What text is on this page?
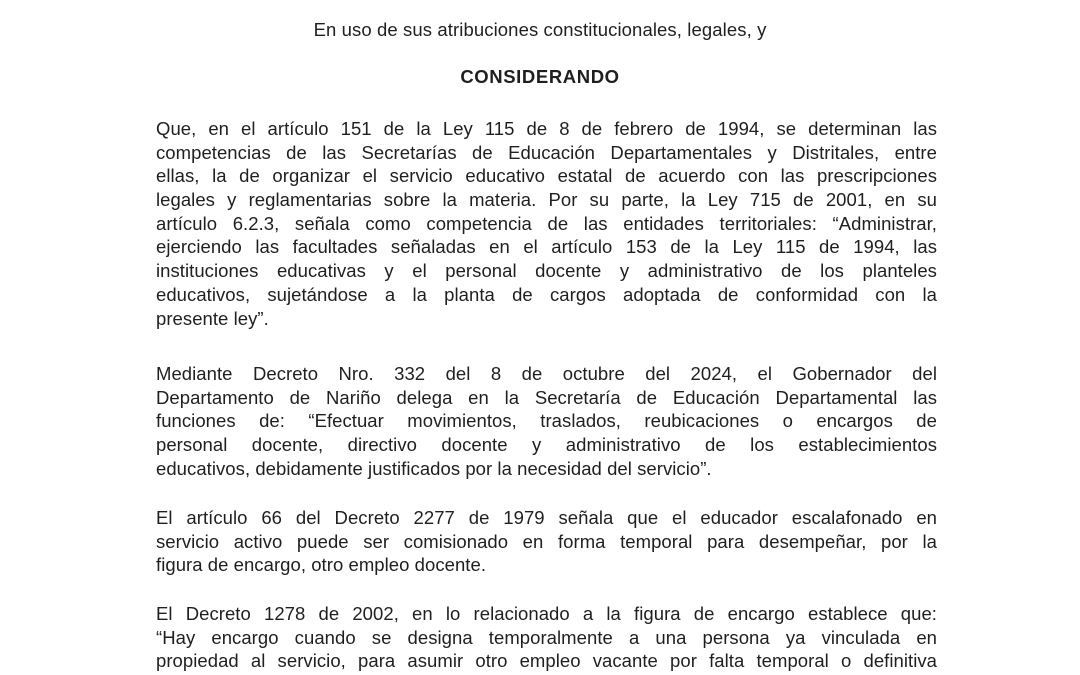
En uso de sus atribuciones constitucionales, legales, y
CONSIDERANDO
Que, en el artículo 151 de la Ley 115 de 8 de febrero de 1994, se determinan las
competencias de las Secretarías de Educación Departamentales y Distritales, entre
ellas, la de organizar el servicio educativo estatal de acuerdo con las prescripciones
legales y reglamentarias sobre la materia. Por su parte, la Ley 715 de 2001, en su
artículo 6.2.3, señala como competencia de las entidades territoriales: “Administrar,
ejerciendo las facultades señaladas en el artículo 153 de la Ley 115 de 1994, las
instituciones educativas y el personal docente y administrativo de los planteles
educativos, sujetándose a la planta de cargos adoptada de conformidad con la
presente ley”.
Mediante Decreto Nro. 332 del 8 de octubre del 2024, el Gobernador del
Departamento de Nariño delega en la Secretaría de Educación Departamental las
funciones de: “Efectuar movimientos, traslados, reubicaciones o encargos de
personal docente, directivo docente y administrativo de los establecimientos
educativos, debidamente justificados por la necesidad del servicio”.
El artículo 66 del Decreto 2277 de 1979 señala que el educador escalafonado en
servicio activo puede ser comisionado en forma temporal para desempeñar, por la
figura de encargo, otro empleo docente.
El Decreto 1278 de 2002, en lo relacionado a la figura de encargo establece que:
“Hay encargo cuando se designa temporalmente a una persona ya vinculada en
propiedad al servicio, para asumir otro empleo vacante por falta temporal o definitiva
